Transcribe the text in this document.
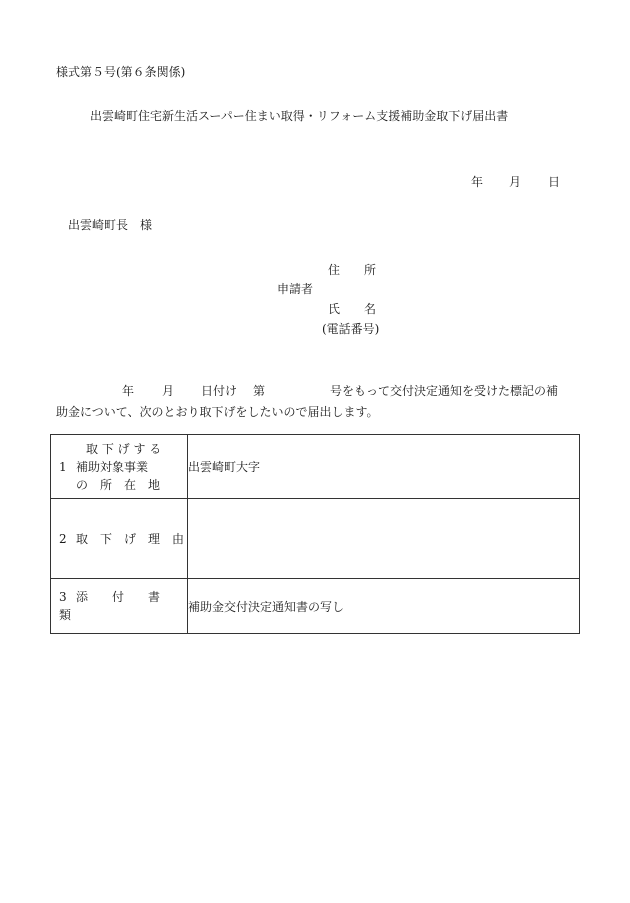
様式第５号(第６条関係)
出雲崎町住宅新生活スーパー住まい取得・リフォーム支援補助金取下げ届出書
年 月 日
出雲崎町長　様
住　　所
申請者
氏　　名
(電話番号)
年 月 日付け 第	号をもって交付決定通知を受けた標記の補
助金について、次のとおり取下げをしたいので届出します。
1
取 下 げ す る
補助対象事業
の　所　在　地	出雲崎町大字

2 取　下　げ　理　由	

3 添　　付　　書　　類	補助金交付決定通知書の写し
